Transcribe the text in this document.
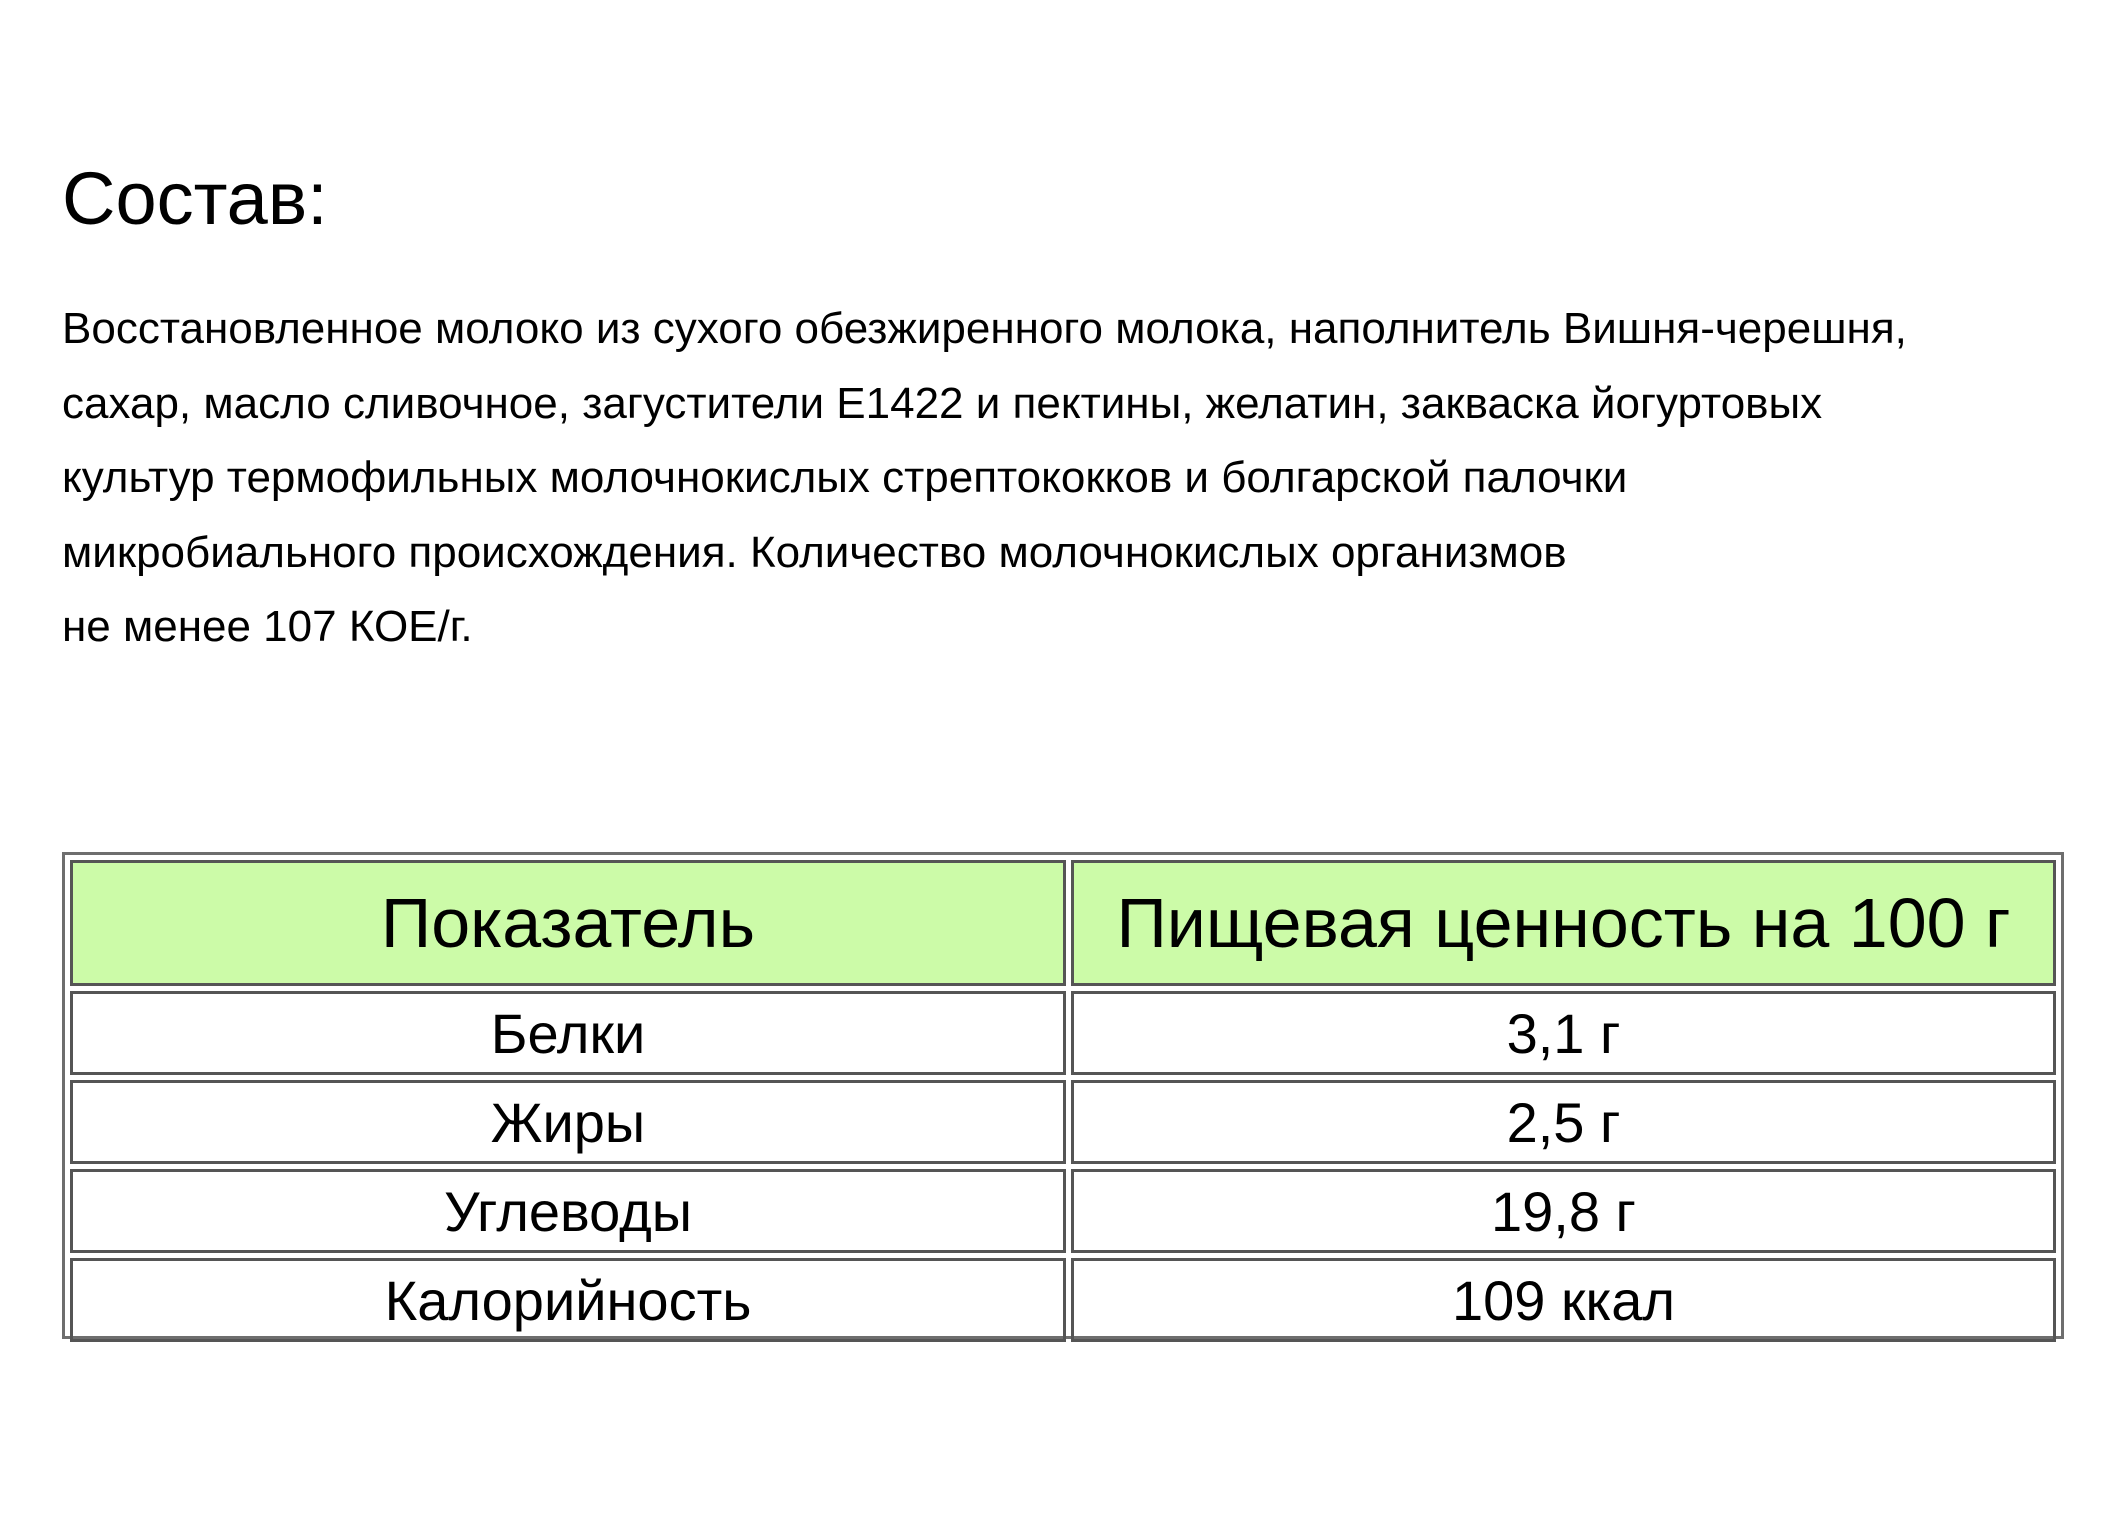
Состав:

Восстановленное молоко из сухого обезжиренного молока, наполнитель Вишня-черешня,
сахар, масло сливочное, загустители Е1422 и пектины, желатин, закваска йогуртовых
культур термофильных молочнокислых стрептококков и болгарской палочки
микробиального происхождения. Количество молочнокислых организмов
не менее 107 КОЕ/г.

Показатель	Пищевая ценность на 100 г
Белки	3,1 г
Жиры	2,5 г
Углеводы	19,8 г
Калорийность	109 ккал
